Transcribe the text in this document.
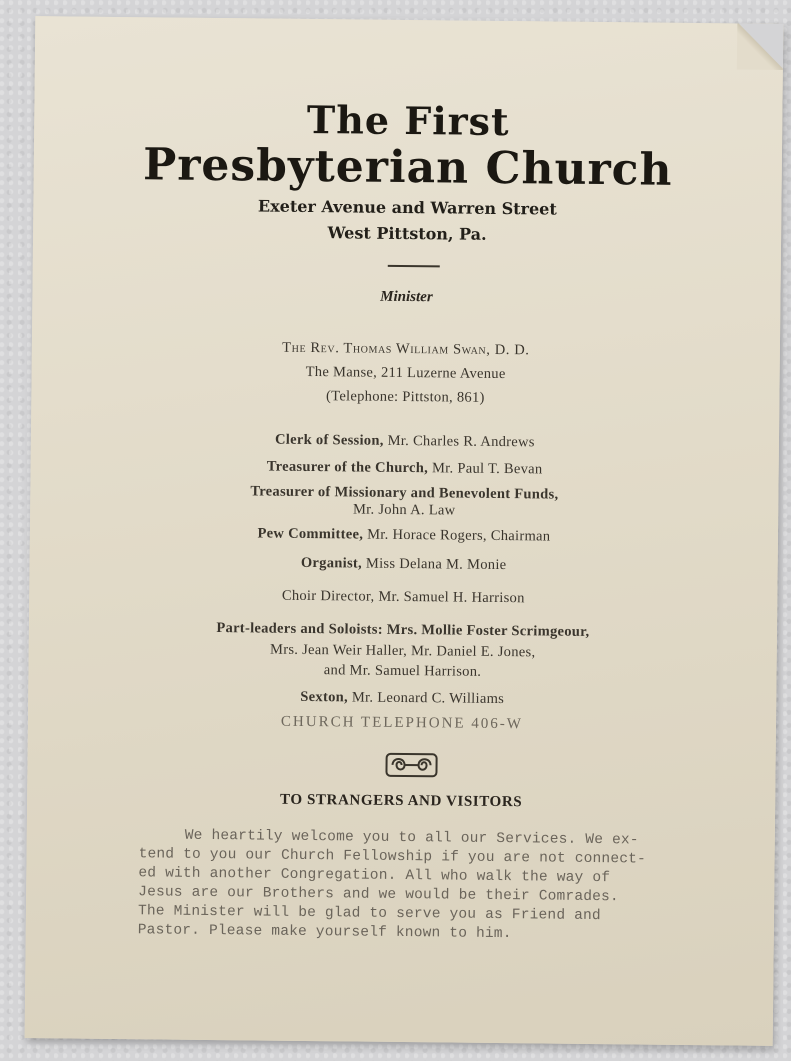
The First
Presbyterian Church
Exeter Avenue and Warren Street
West Pittston, Pa.
Minister
The Rev. Thomas William Swan, D. D.
The Manse, 211 Luzerne Avenue
(Telephone: Pittston, 861)
Clerk of Session, Mr. Charles R. Andrews
Treasurer of the Church, Mr. Paul T. Bevan
Treasurer of Missionary and Benevolent Funds,
Mr. John A. Law
Pew Committee, Mr. Horace Rogers, Chairman
Organist, Miss Delana M. Monie
Choir Director, Mr. Samuel H. Harrison
Part-leaders and Soloists: Mrs. Mollie Foster Scrimgeour,
Mrs. Jean Weir Haller, Mr. Daniel E. Jones,
and Mr. Samuel Harrison.
Sexton, Mr. Leonard C. Williams
CHURCH TELEPHONE 406-W
TO STRANGERS AND VISITORS
We heartily welcome you to all our Services. We ex-
tend to you our Church Fellowship if you are not connect-
ed with another Congregation. All who walk the way of
Jesus are our Brothers and we would be their Comrades.
The Minister will be glad to serve you as Friend and
Pastor. Please make yourself known to him.
